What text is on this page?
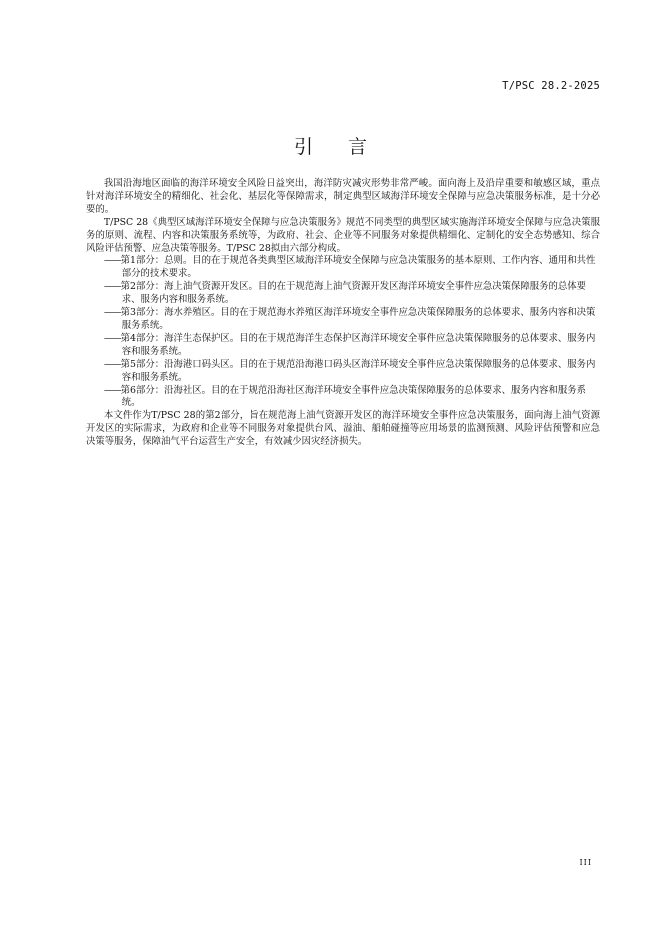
T/PSC 28.2-2025
引 言

我国沿海地区面临的海洋环境安全风险日益突出，海洋防灾减灾形势非常严峻。面向海上及沿岸重要和敏感区域，重点针对海洋环境安全的精细化、社会化、基层化等保障需求，制定典型区域海洋环境安全保障与应急决策服务标准，是十分必要的。

T/PSC 28《典型区域海洋环境安全保障与应急决策服务》规范不同类型的典型区域实施海洋环境安全保障与应急决策服务的原则、流程、内容和决策服务系统等，为政府、社会、企业等不同服务对象提供精细化、定制化的安全态势感知、综合风险评估预警、应急决策等服务。T/PSC 28拟由六部分构成。

——第1部分：总则。目的在于规范各类典型区域海洋环境安全保障与应急决策服务的基本原则、工作内容、通用和共性部分的技术要求。

——第2部分：海上油气资源开发区。目的在于规范海上油气资源开发区海洋环境安全事件应急决策保障服务的总体要求、服务内容和服务系统。

——第3部分：海水养殖区。目的在于规范海水养殖区海洋环境安全事件应急决策保障服务的总体要求、服务内容和决策服务系统。

——第4部分：海洋生态保护区。目的在于规范海洋生态保护区海洋环境安全事件应急决策保障服务的总体要求、服务内容和服务系统。

——第5部分：沿海港口码头区。目的在于规范沿海港口码头区海洋环境安全事件应急决策保障服务的总体要求、服务内容和服务系统。

——第6部分：沿海社区。目的在于规范沿海社区海洋环境安全事件应急决策保障服务的总体要求、服务内容和服务系统。

本文件作为T/PSC 28的第2部分，旨在规范海上油气资源开发区的海洋环境安全事件应急决策服务，面向海上油气资源开发区的实际需求，为政府和企业等不同服务对象提供台风、溢油、船舶碰撞等应用场景的监测预测、风险评估预警和应急决策等服务，保障油气平台运营生产安全，有效减少因灾经济损失。

III
